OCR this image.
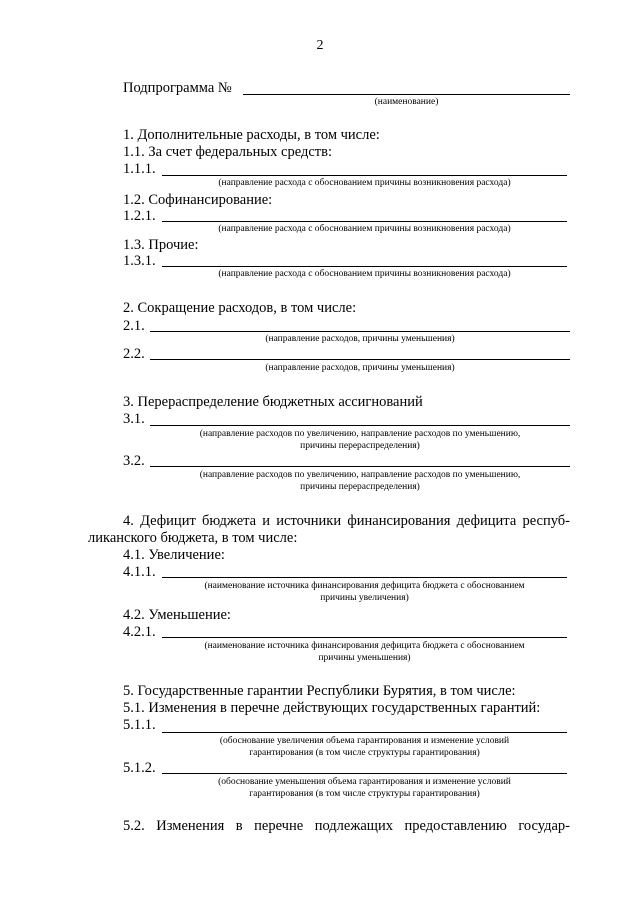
2
Подпрограмма №
(наименование)
1. Дополнительные расходы, в том числе:
1.1. За счет федеральных средств:
1.1.1.
(направление расхода с обоснованием причины возникновения расхода)
1.2. Софинансирование:
1.2.1.
(направление расхода с обоснованием причины возникновения расхода)
1.3. Прочие:
1.3.1.
(направление расхода с обоснованием причины возникновения расхода)
2. Сокращение расходов, в том числе:
2.1.
(направление расходов, причины уменьшения)
2.2.
(направление расходов, причины уменьшения)
3. Перераспределение бюджетных ассигнований
3.1.
(направление расходов по увеличению, направление расходов по уменьшению,
причины перераспределения)
3.2.
(направление расходов по увеличению, направление расходов по уменьшению,
причины перераспределения)
4. Дефицит бюджета и источники финансирования дефицита респуб-
ликанского бюджета, в том числе:
4.1. Увеличение:
4.1.1.
(наименование источника финансирования дефицита бюджета с обоснованием
причины увеличения)
4.2. Уменьшение:
4.2.1.
(наименование источника финансирования дефицита бюджета с обоснованием
причины уменьшения)
5. Государственные гарантии Республики Бурятия, в том числе:
5.1. Изменения в перечне действующих государственных гарантий:
5.1.1.
(обоснование увеличения объема гарантирования и изменение условий
гарантирования (в том числе структуры гарантирования)
5.1.2.
(обоснование уменьшения объема гарантирования и изменение условий
гарантирования (в том числе структуры гарантирования)
5.2. Изменения в перечне подлежащих предоставлению государ-
